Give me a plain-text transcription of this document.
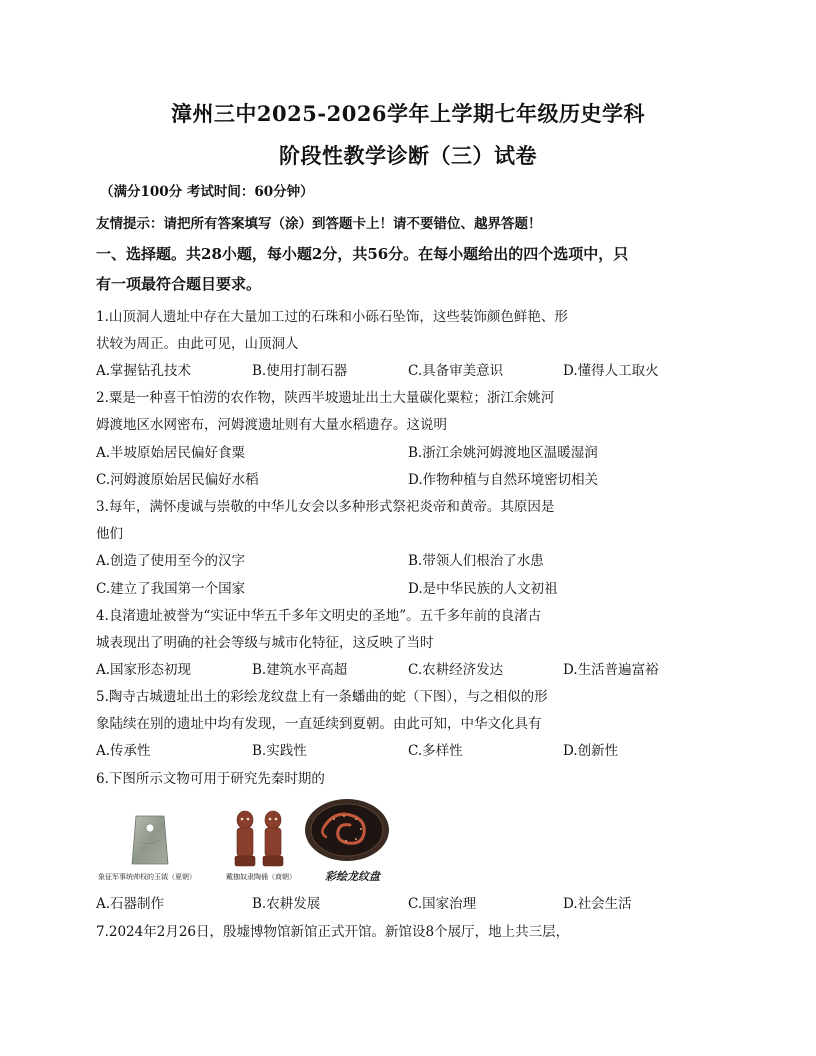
漳州三中2025-2026学年上学期七年级历史学科
阶段性教学诊断（三）试卷
（满分100分 考试时间：60分钟）
友情提示：请把所有答案填写（涂）到答题卡上！请不要错位、越界答题！
一、选择题。共28小题，每小题2分，共56分。在每小题给出的四个选项中，只
有一项最符合题目要求。
1.山顶洞人遗址中存在大量加工过的石珠和小砾石坠饰，这些装饰颜色鲜艳、形
状较为周正。由此可见，山顶洞人
A.掌握钻孔技术	B.使用打制石器	C.具备审美意识	D.懂得人工取火
2.粟是一种喜干怕涝的农作物，陕西半坡遗址出土大量碳化粟粒；浙江余姚河
姆渡地区水网密布，河姆渡遗址则有大量水稻遗存。这说明
A.半坡原始居民偏好食粟	B.浙江余姚河姆渡地区温暖湿润
C.河姆渡原始居民偏好水稻	D.作物种植与自然环境密切相关
3.每年，满怀虔诚与崇敬的中华儿女会以多种形式祭祀炎帝和黄帝。其原因是
他们
A.创造了使用至今的汉字	B.带领人们根治了水患
C.建立了我国第一个国家	D.是中华民族的人文初祖
4.良渚遗址被誉为“实证中华五千多年文明史的圣地”。五千多年前的良渚古
城表现出了明确的社会等级与城市化特征，这反映了当时
A.国家形态初现	B.建筑水平高超	C.农耕经济发达	D.生活普遍富裕
5.陶寺古城遗址出土的彩绘龙纹盘上有一条蟠曲的蛇（下图），与之相似的形
象陆续在别的遗址中均有发现，一直延续到夏朝。由此可知，中华文化具有
A.传承性	B.实践性	C.多样性	D.创新性
6.下图所示文物可用于研究先秦时期的
象征军事统帅权的玉钺（夏朝）	戴枷奴隶陶俑（商朝）	彩绘龙纹盘
A.石器制作	B.农耕发展	C.国家治理	D.社会生活
7.2024年2月26日，殷墟博物馆新馆正式开馆。新馆设8个展厅，地上共三层，
